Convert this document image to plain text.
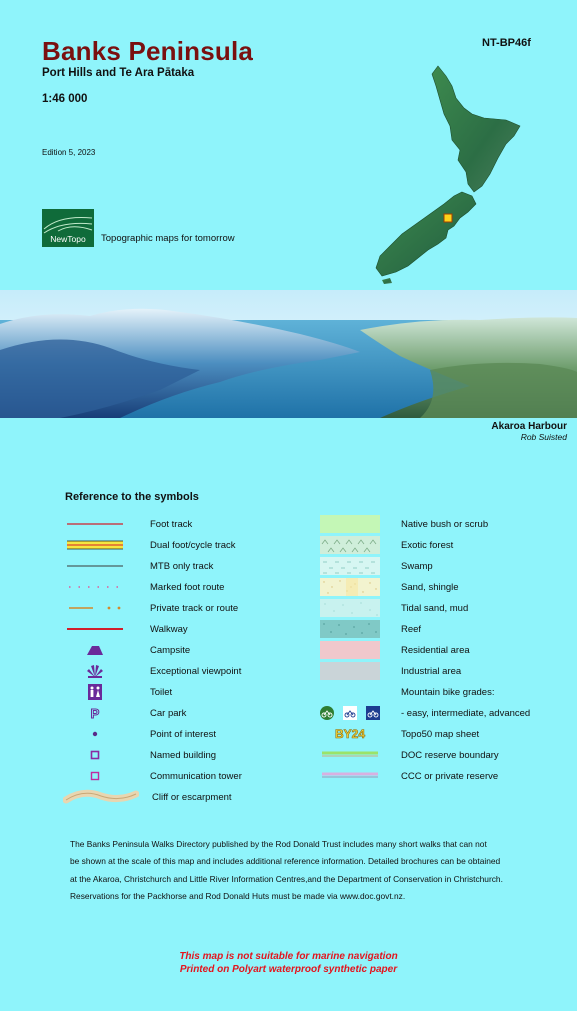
Banks Peninsula
Port Hills and Te Ara Pātaka
1:46 000
Edition 5, 2023
NT-BP46f
NewTopo Topographic maps for tomorrow
Akaroa Harbour
Rob Suisted
Reference to the symbols
Foot track
Dual foot/cycle track
MTB only track
Marked foot route
Private track or route
Walkway
Campsite
Exceptional viewpoint
Toilet
P	Car park
Point of interest
Named building
Communication tower
Cliff or escarpment
Native bush or scrub
Exotic forest
Swamp
Sand, shingle
Tidal sand, mud
Reef
Residential area
Industrial area
Mountain bike grades:
- easy, intermediate, advanced
BY24	Topo50 map sheet
DOC reserve boundary
CCC or private reserve
The Banks Peninsula Walks Directory published by the Rod Donald Trust includes many short walks that can not
be shown at the scale of this map and includes additional reference information. Detailed brochures can be obtained
at the Akaroa, Christchurch and Little River Information Centres,and the Department of Conservation in Christchurch.
Reservations for the Packhorse and Rod Donald Huts must be made via www.doc.govt.nz.
This map is not suitable for marine navigation
Printed on Polyart waterproof synthetic paper
